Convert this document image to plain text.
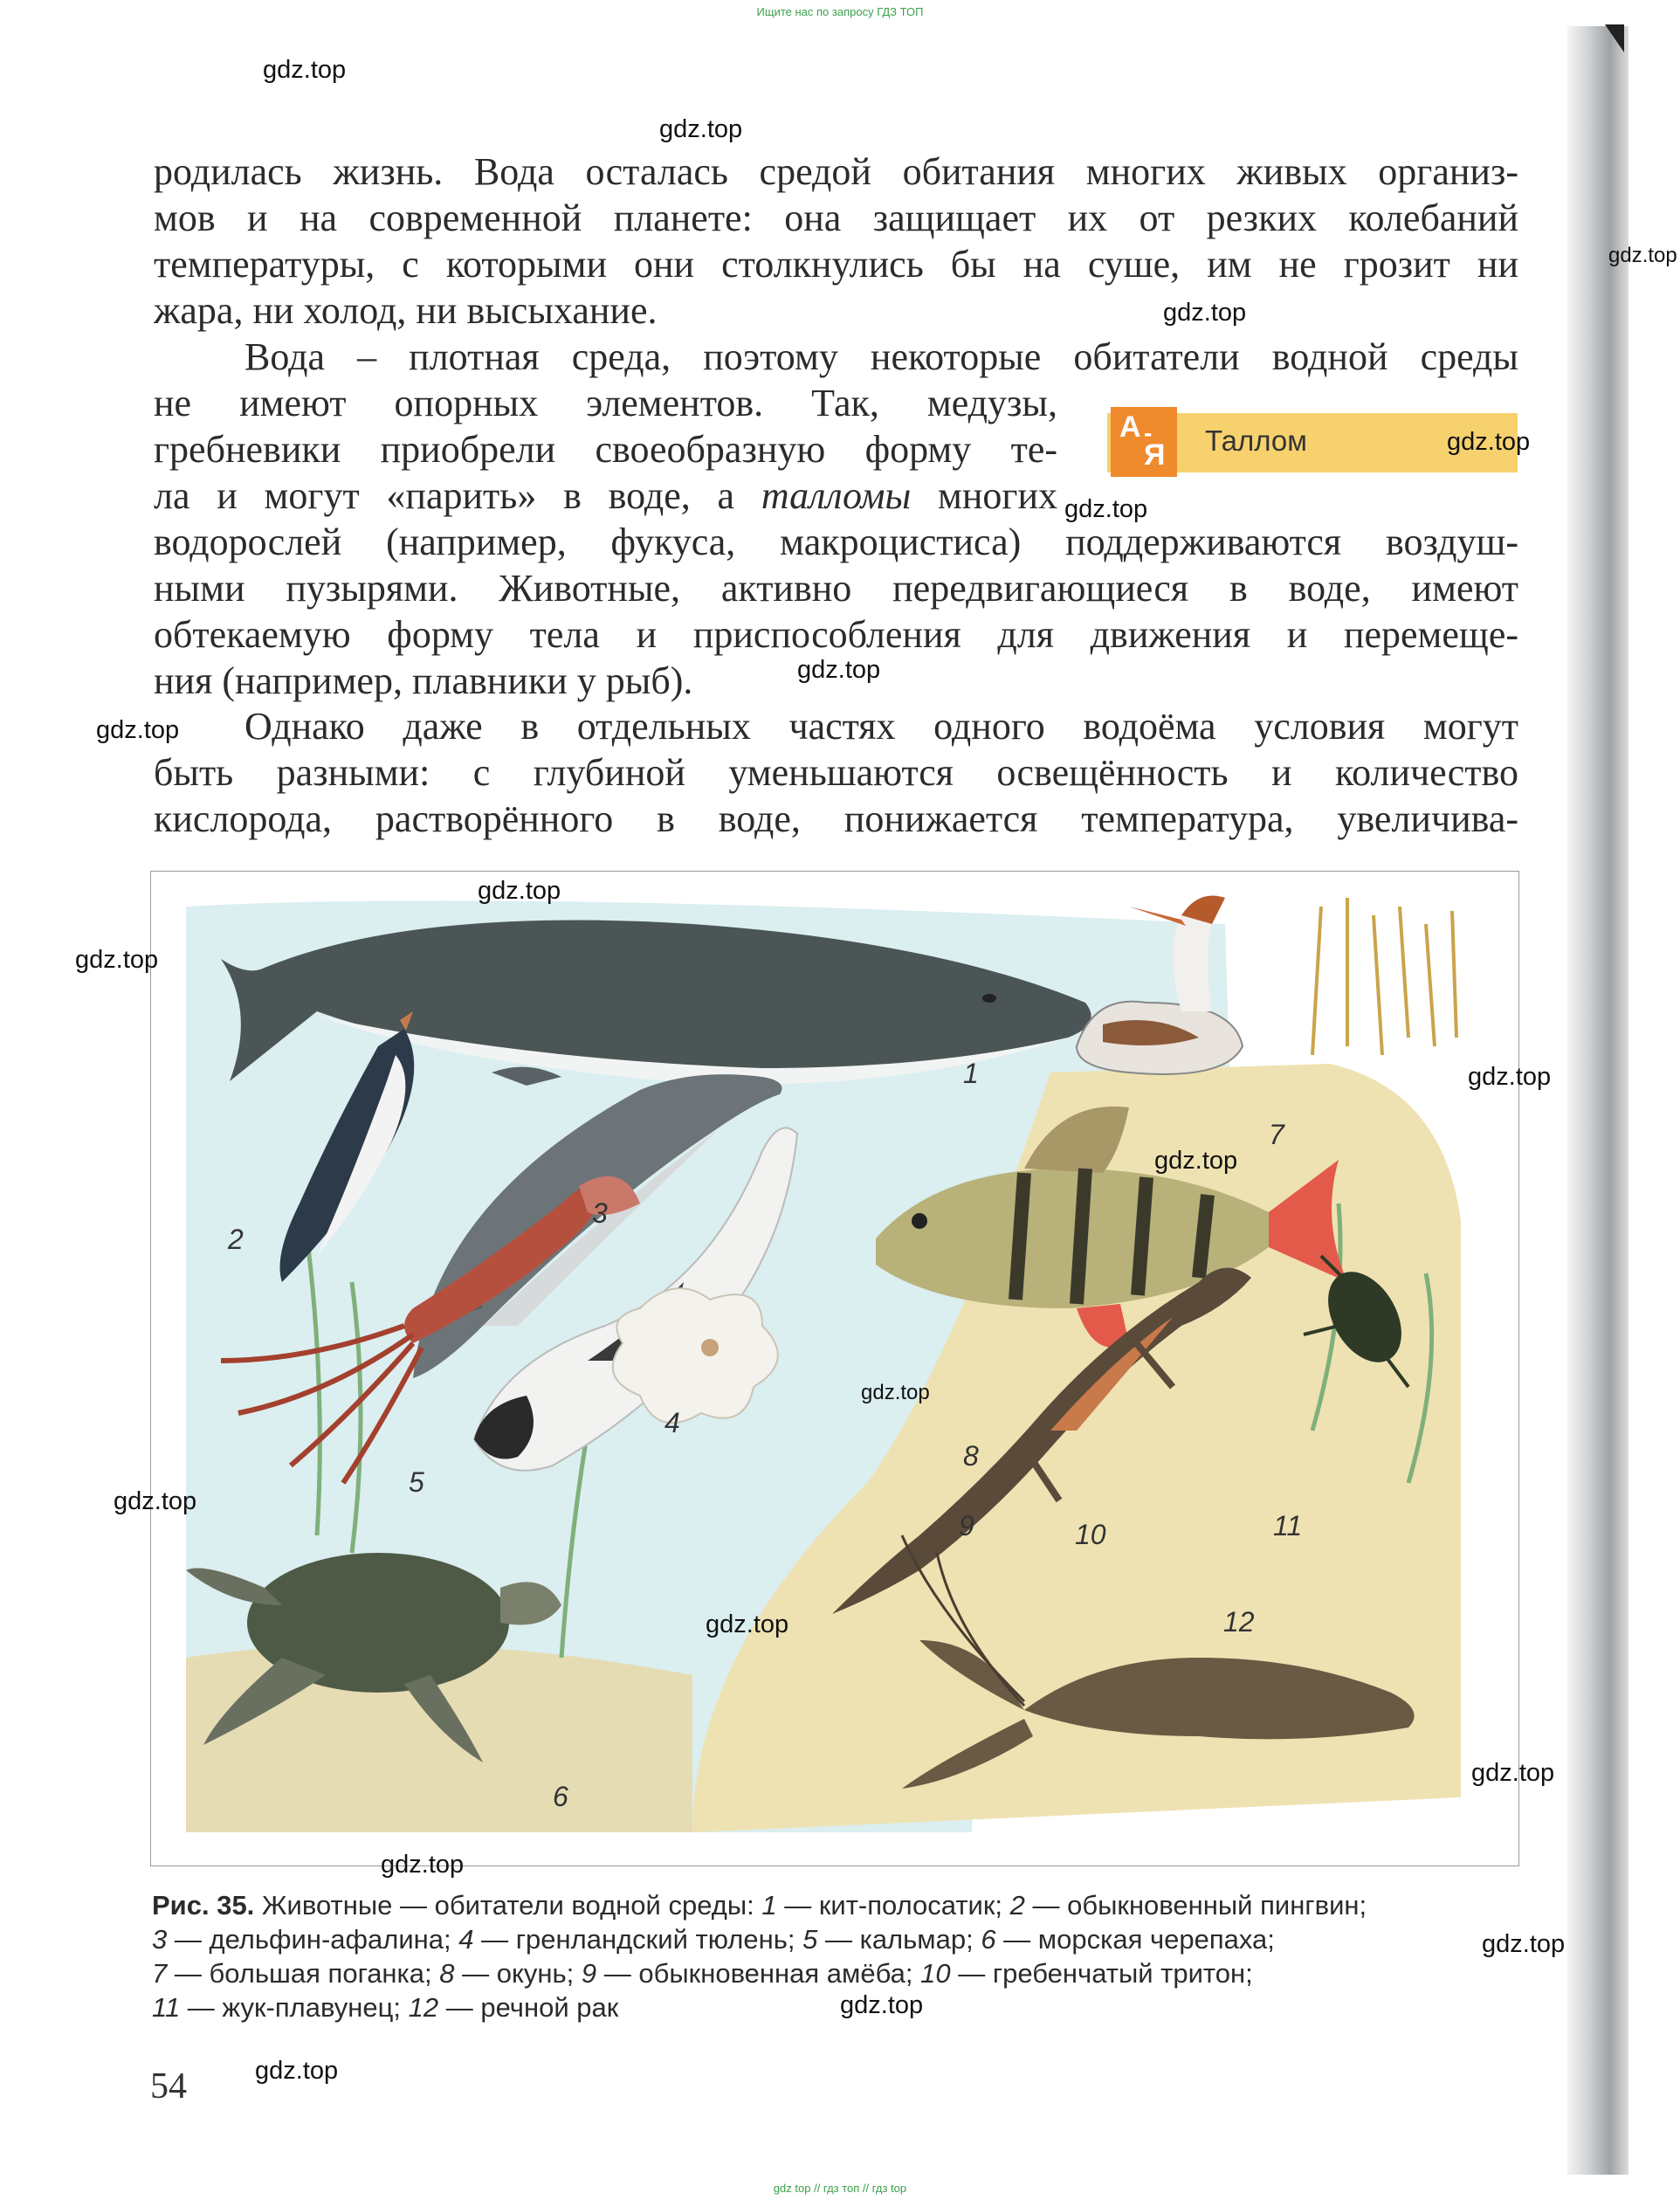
Ищите нас по запросу ГДЗ ТОП

родилась жизнь. Вода осталась средой обитания многих живых организ-

мов и на современной планете: она защищает их от резких колебаний

температуры, с которыми они столкнулись бы на суше, им не грозит ни

жара, ни холод, ни высыхание.

Вода – плотная среда, поэтому некоторые обитатели водной среды

не имеют опорных элементов. Так, медузы,

гребневики приобрели своеобразную форму те-

ла и могут «парить» в воде, а талломы многих

водорослей (например, фукуса, макроцистиса) поддерживаются воздуш-

ными пузырями. Животные, активно передвигающиеся в воде, имеют

обтекаемую форму тела и приспособления для движения и перемеще-

ния (например, плавники у рыб).

А -
Я Таллом

Однако даже в отдельных частях одного водоёма условия могут

быть разными: с глубиной уменьшаются освещённость и количество

кислорода, растворённого в воде, понижается температура, увеличива-

1
2
3
4
5
6
7
8
9	10	11
12
Рис. 35. Животные — обитатели водной среды: 1 — кит-полосатик; 2 — обыкновенный пингвин;
3 — дельфин-афалина; 4 — гренландский тюлень; 5 — кальмар; 6 — морская черепаха;
7 — большая поганка; 8 — окунь; 9 — обыкновенная амёба; 10 — гребенчатый тритон;
11 — жук-плавунец; 12 — речной рак
54
gdz.top
gdz.top
gdz.top
gdz.top
gdz.top
gdz.top
gdz.top
gdz.top
gdz.top
gdz.top
gdz.top
gdz.top
gdz.top
gdz.top
gdz.top
gdz.top
gdz.top
gdz.top
gdz.top
gdz.top
gdz top // гдз топ // гдз top
